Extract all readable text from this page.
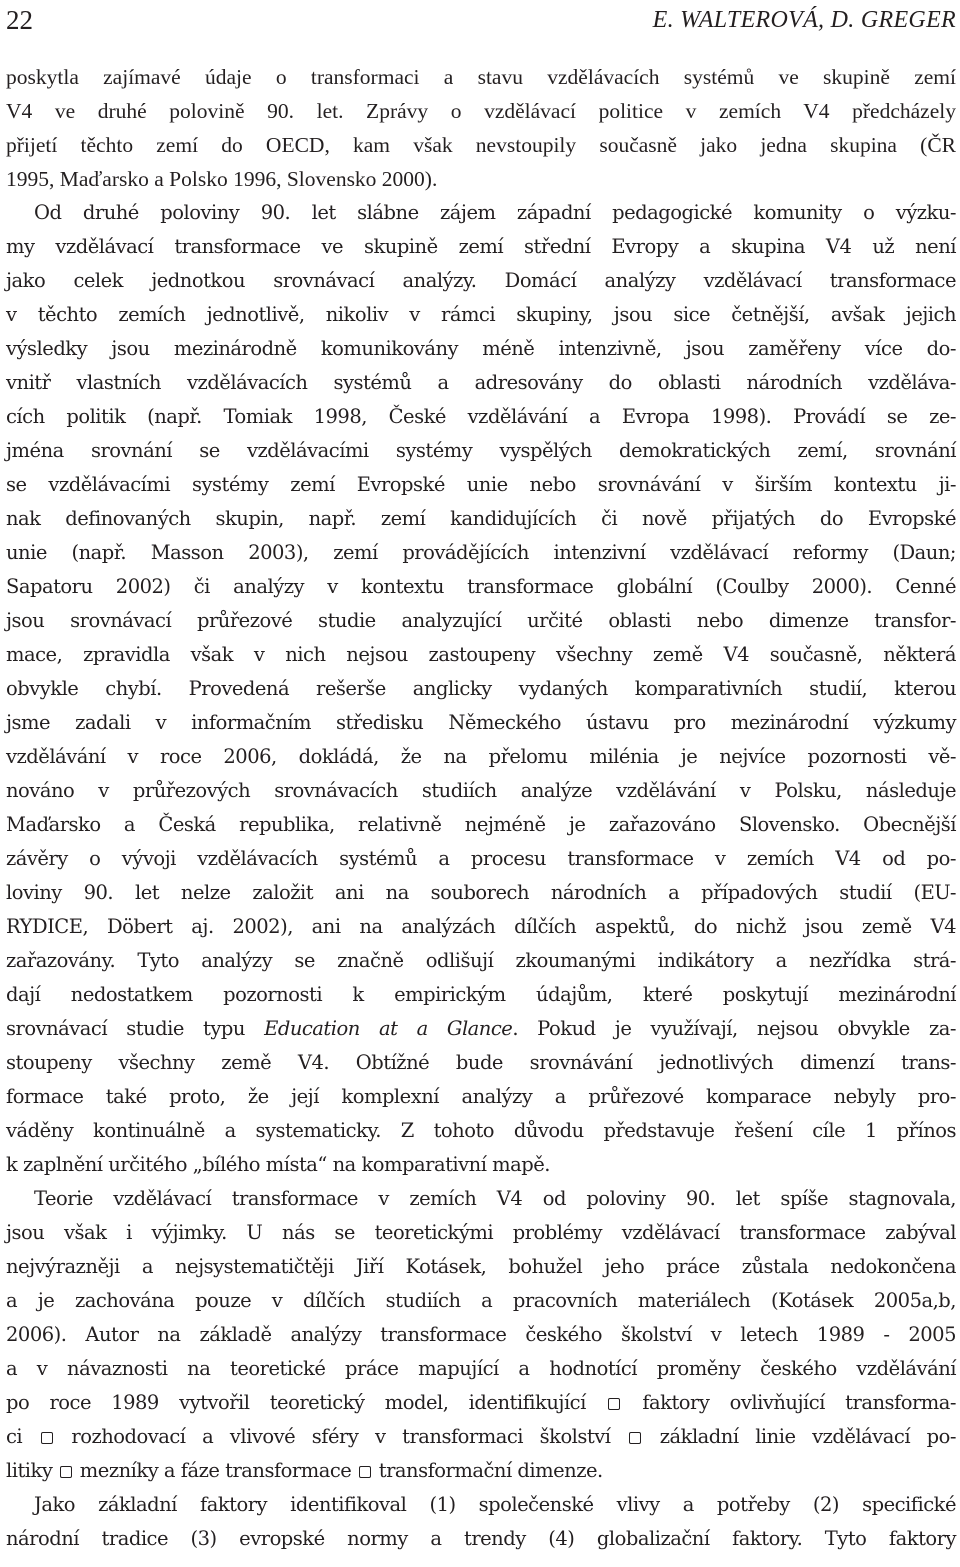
22	E. WALTEROVÁ, D. GREGER
poskytla zajímavé údaje o transformaci a stavu vzdělávacích systémů ve skupině zemí
V4 ve druhé polovině 90. let. Zprávy o vzdělávací politice v zemích V4 předcházely
přijetí těchto zemí do OECD, kam však nevstoupily současně jako jedna skupina (ČR
1995, Maďarsko a Polsko 1996, Slovensko 2000).
Od druhé poloviny 90. let slábne zájem západní pedagogické komunity o výzku-
my vzdělávací transformace ve skupině zemí střední Evropy a skupina V4 už není
jako celek jednotkou srovnávací analýzy. Domácí analýzy vzdělávací transformace
v těchto zemích jednotlivě, nikoliv v rámci skupiny, jsou sice četnější, avšak jejich
výsledky jsou mezinárodně komunikovány méně intenzivně, jsou zaměřeny více do-
vnitř vlastních vzdělávacích systémů a adresovány do oblasti národních vzděláva-
cích politik (např. Tomiak 1998, České vzdělávání a Evropa 1998). Provádí se ze-
jména srovnání se vzdělávacími systémy vyspělých demokratických zemí, srovnání
se vzdělávacími systémy zemí Evropské unie nebo srovnávání v širším kontextu ji-
nak definovaných skupin, např. zemí kandidujících či nově přijatých do Evropské
unie (např. Masson 2003), zemí provádějících intenzivní vzdělávací reformy (Daun;
Sapatoru 2002) či analýzy v kontextu transformace globální (Coulby 2000). Cenné
jsou srovnávací průřezové studie analyzující určité oblasti nebo dimenze transfor-
mace, zpravidla však v nich nejsou zastoupeny všechny země V4 současně, některá
obvykle chybí. Provedená rešerše anglicky vydaných komparativních studií, kterou
jsme zadali v informačním středisku Německého ústavu pro mezinárodní výzkumy
vzdělávání v roce 2006, dokládá, že na přelomu milénia je nejvíce pozornosti vě-
nováno v průřezových srovnávacích studiích analýze vzdělávání v Polsku, následuje
Maďarsko a Česká republika, relativně nejméně je zařazováno Slovensko. Obecnější
závěry o vývoji vzdělávacích systémů a procesu transformace v zemích V4 od po-
loviny 90. let nelze založit ani na souborech národních a případových studií (EU-
RYDICE, Döbert aj. 2002), ani na analýzách dílčích aspektů, do nichž jsou země V4
zařazovány. Tyto analýzy se značně odlišují zkoumanými indikátory a nezřídka strá-
dají nedostatkem pozornosti k empirickým údajům, které poskytují mezinárodní
srovnávací studie typu Education at a Glance. Pokud je využívají, nejsou obvykle za-
stoupeny všechny země V4. Obtížné bude srovnávání jednotlivých dimenzí trans-
formace také proto, že její komplexní analýzy a průřezové komparace nebyly pro-
váděny kontinuálně a systematicky. Z tohoto důvodu představuje řešení cíle 1 přínos
k zaplnění určitého „bílého místa“ na komparativní mapě.
Teorie vzdělávací transformace v zemích V4 od poloviny 90. let spíše stagnovala,
jsou však i výjimky. U nás se teoretickými problémy vzdělávací transformace zabýval
nejvýrazněji a nejsystematičtěji Jiří Kotásek, bohužel jeho práce zůstala nedokončena
a je zachována pouze v dílčích studiích a pracovních materiálech (Kotásek 2005a,b,
2006). Autor na základě analýzy transformace českého školství v letech 1989 - 2005
a v návaznosti na teoretické práce mapující a hodnotící proměny českého vzdělávání
po roce 1989 vytvořil teoretický model, identifikující	faktory ovlivňující transforma-
ci	rozhodovací a vlivové sféry v transformaci školství	základní linie vzdělávací po-
litiky mezníky a fáze transformace transformační dimenze.
Jako základní faktory identifikoval (1) společenské vlivy a potřeby (2) specifické
národní tradice (3) evropské normy a trendy (4) globalizační faktory. Tyto faktory
